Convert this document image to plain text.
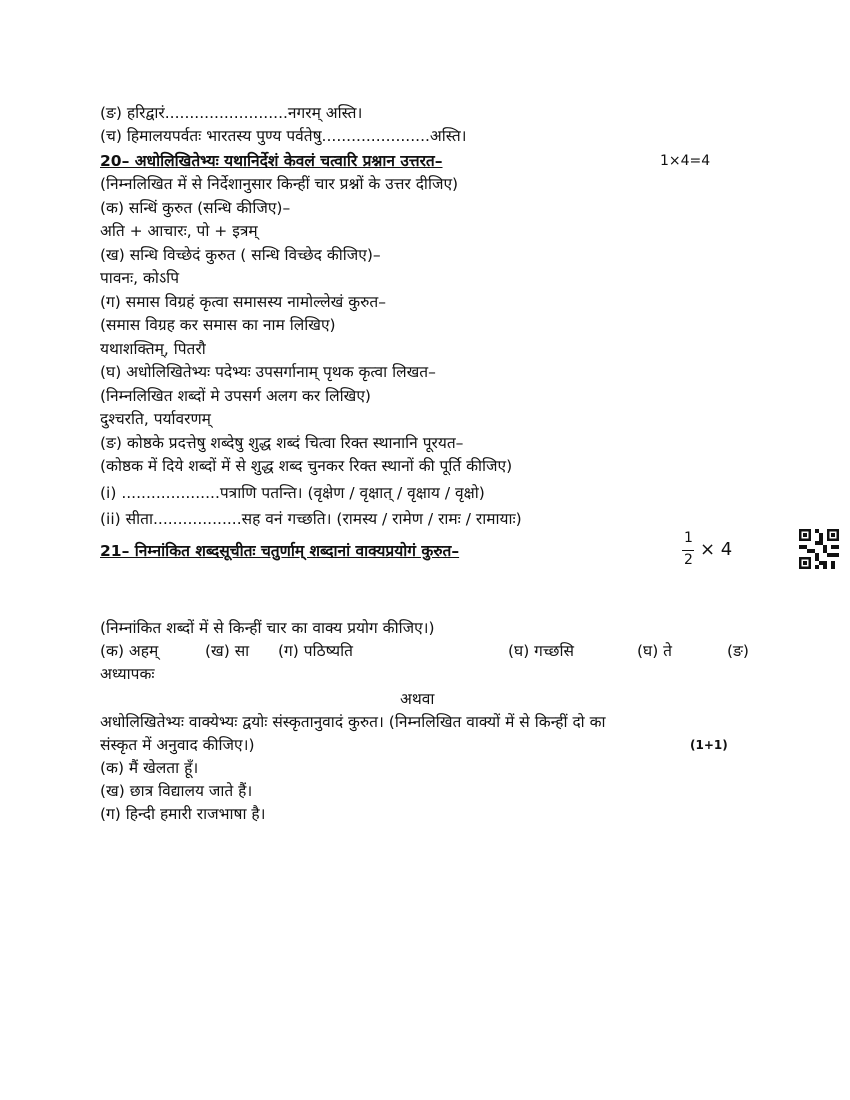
(ङ) हरिद्वारं.........................नगरम् अस्ति।
(च) हिमालयपर्वतः भारतस्य पुण्य पर्वतेषु......................अस्ति।
20– अधोलिखितेभ्यः यथानिर्देशं केवलं चत्वारि प्रश्नान उत्तरत–	1×4=4
(निम्नलिखित में से निर्देशानुसार किन्हीं चार प्रश्नों के उत्तर दीजिए)
(क) सन्धिं कुरुत (सन्धि कीजिए)–
अति + आचारः, पो + इत्रम्
(ख) सन्धि विच्छेदं कुरुत ( सन्धि विच्छेद कीजिए)–
पावनः, कोऽपि
(ग) समास विग्रहं कृत्वा समासस्य नामोल्लेखं कुरुत–
(समास विग्रह कर समास का नाम लिखिए)
यथाशक्तिम्, पितरौ
(घ) अधोलिखितेभ्यः पदेभ्यः उपसर्गानाम् पृथक कृत्वा लिखत–
(निम्नलिखित शब्दों मे उपसर्ग अलग कर लिखिए)
दुश्चरति, पर्यावरणम्
(ङ) कोष्ठके प्रदत्तेषु शब्देषु शुद्ध शब्दं चित्वा रिक्त स्थानानि पूरयत–
(कोष्ठक में दिये शब्दों में से शुद्ध शब्द चुनकर रिक्त स्थानों की पूर्ति कीजिए)
(i) ....................पत्राणि पतन्ति। (वृक्षेण / वृक्षात् / वृक्षाय / वृक्षो)
(ii) सीता..................सह वनं गच्छति। (रामस्य / रामेण / रामः / रामायाः)
21– निम्नांकित शब्दसूचीतः चतुर्णाम् शब्दानां वाक्यप्रयोगं कुरुत–
1
2 × 4
(निम्नांकित शब्दों में से किन्हीं चार का वाक्य प्रयोग कीजिए।)
(क) अहम्	(ख) सा (ग) पठिष्यति	(घ) गच्छसि	(घ) ते	(ङ)
अध्यापकः
अथवा
अधोलिखितेभ्यः वाक्येभ्यः द्वयोः संस्कृतानुवादं कुरुत। (निम्नलिखित वाक्यों में से किन्हीं दो का
संस्कृत में अनुवाद कीजिए।)	(1+1)
(क) मैं खेलता हूँ।
(ख) छात्र विद्यालय जाते हैं।
(ग) हिन्दी हमारी राजभाषा है।
